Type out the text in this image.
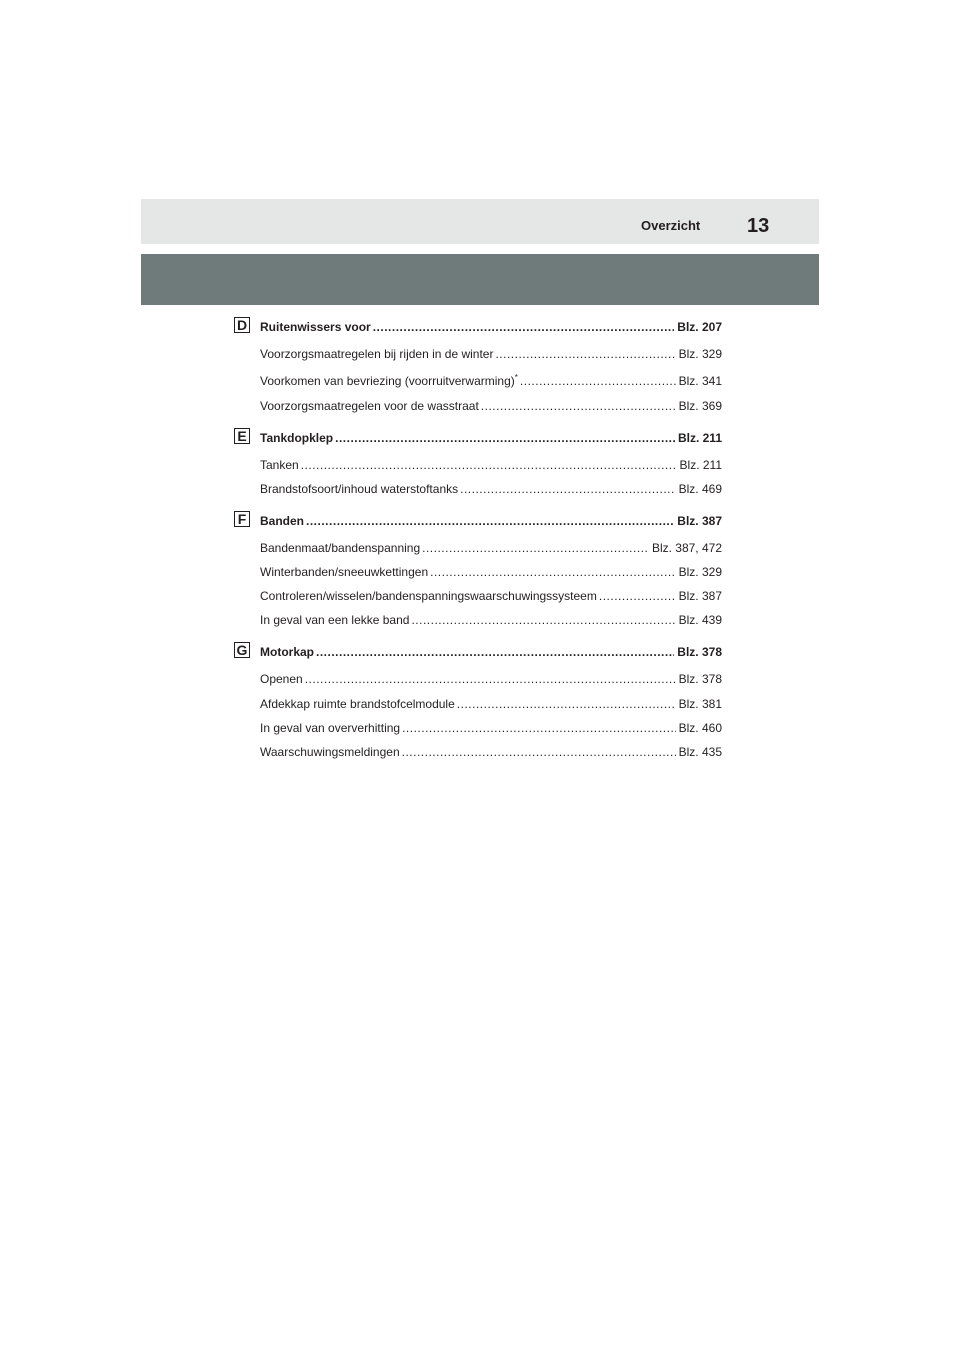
Overzicht 13
D Ruitenwissers voor .....	Blz. 207
Voorzorgsmaatregelen bij rijden in de winter .....	Blz. 329
Voorkomen van bevriezing (voorruitverwarming)* .....	Blz. 341
Voorzorgsmaatregelen voor de wasstraat .....	Blz. 369
E Tankdopklep .....	Blz. 211
Tanken .....	Blz. 211
Brandstofsoort/inhoud waterstoftanks .....	Blz. 469
F	Banden .....	Blz. 387
Bandenmaat/bandenspanning .....	Blz. 387, 472
Winterbanden/sneeuwkettingen .....	Blz. 329
Controleren/wisselen/bandenspanningswaarschuwingssysteem .....	Blz. 387
In geval van een lekke band .....	Blz. 439
G Motorkap .....	Blz. 378
Openen .....	Blz. 378
Afdekkap ruimte brandstofcelmodule .....	Blz. 381
In geval van oververhitting .....	Blz. 460
Waarschuwingsmeldingen .....	Blz. 435
